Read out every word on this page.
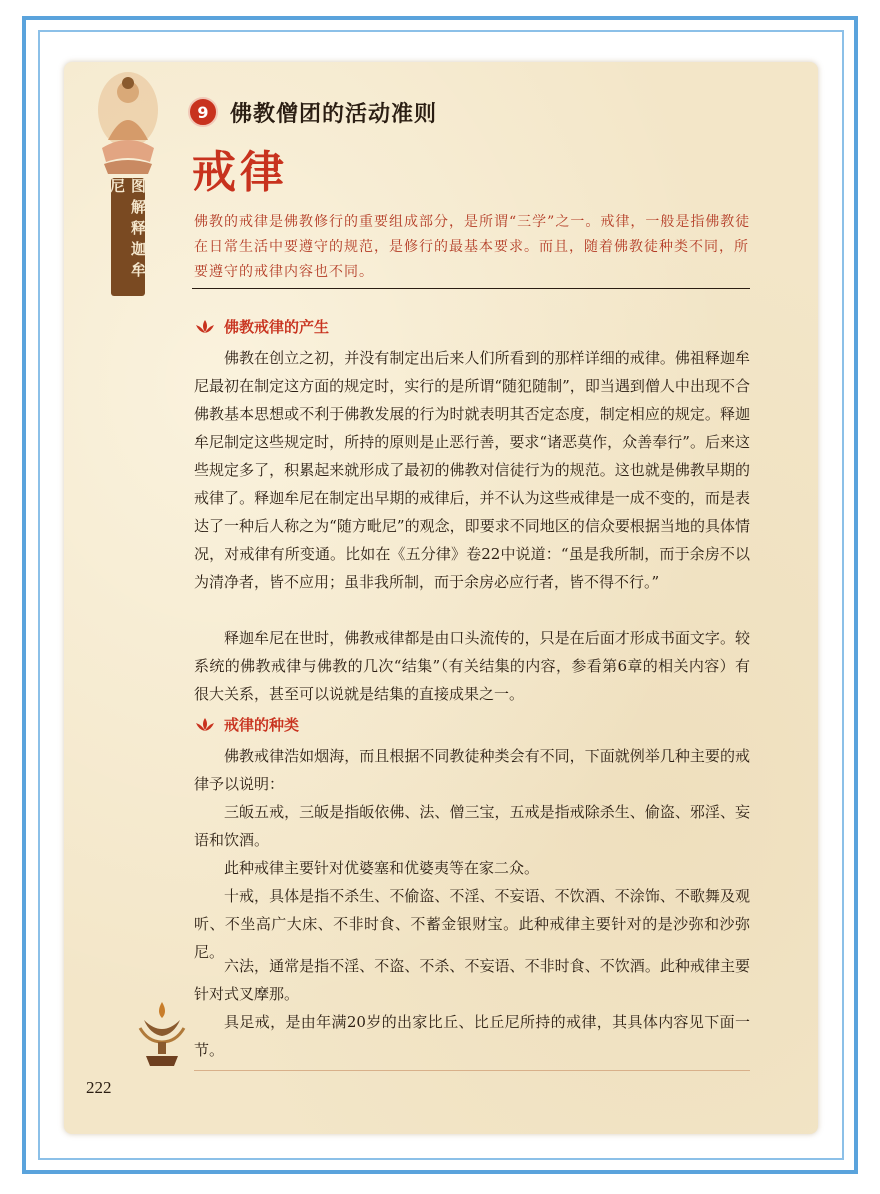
图解释迦牟尼
9 佛教僧团的活动准则
戒律

佛教的戒律是佛教修行的重要组成部分，是所谓“三学”之一。戒律，一般是指佛教徒在日常生活中要遵守的规范，是修行的最基本要求。而且，随着佛教徒种类不同，所要遵守的戒律内容也不同。

佛教戒律的产生

佛教在创立之初，并没有制定出后来人们所看到的那样详细的戒律。佛祖释迦牟尼最初在制定这方面的规定时，实行的是所谓“随犯随制”，即当遇到僧人中出现不合佛教基本思想或不利于佛教发展的行为时就表明其否定态度，制定相应的规定。释迦牟尼制定这些规定时，所持的原则是止恶行善，要求“诸恶莫作，众善奉行”。后来这些规定多了，积累起来就形成了最初的佛教对信徒行为的规范。这也就是佛教早期的戒律了。释迦牟尼在制定出早期的戒律后，并不认为这些戒律是一成不变的，而是表达了一种后人称之为“随方毗尼”的观念，即要求不同地区的信众要根据当地的具体情况，对戒律有所变通。比如在《五分律》卷22中说道：“虽是我所制，而于余房不以为清净者，皆不应用；虽非我所制，而于余房必应行者，皆不得不行。”

释迦牟尼在世时，佛教戒律都是由口头流传的，只是在后面才形成书面文字。较系统的佛教戒律与佛教的几次“结集”（有关结集的内容，参看第6章的相关内容）有很大关系，甚至可以说就是结集的直接成果之一。

戒律的种类

佛教戒律浩如烟海，而且根据不同教徒种类会有不同，下面就例举几种主要的戒律予以说明：

三皈五戒，三皈是指皈依佛、法、僧三宝，五戒是指戒除杀生、偷盗、邪淫、妄语和饮酒。

此种戒律主要针对优婆塞和优婆夷等在家二众。

十戒，具体是指不杀生、不偷盗、不淫、不妄语、不饮酒、不涂饰、不歌舞及观听、不坐高广大床、不非时食、不蓄金银财宝。此种戒律主要针对的是沙弥和沙弥尼。

六法，通常是指不淫、不盗、不杀、不妄语、不非时食、不饮酒。此种戒律主要针对式叉摩那。

具足戒，是由年满20岁的出家比丘、比丘尼所持的戒律，其具体内容见下面一节。

222
